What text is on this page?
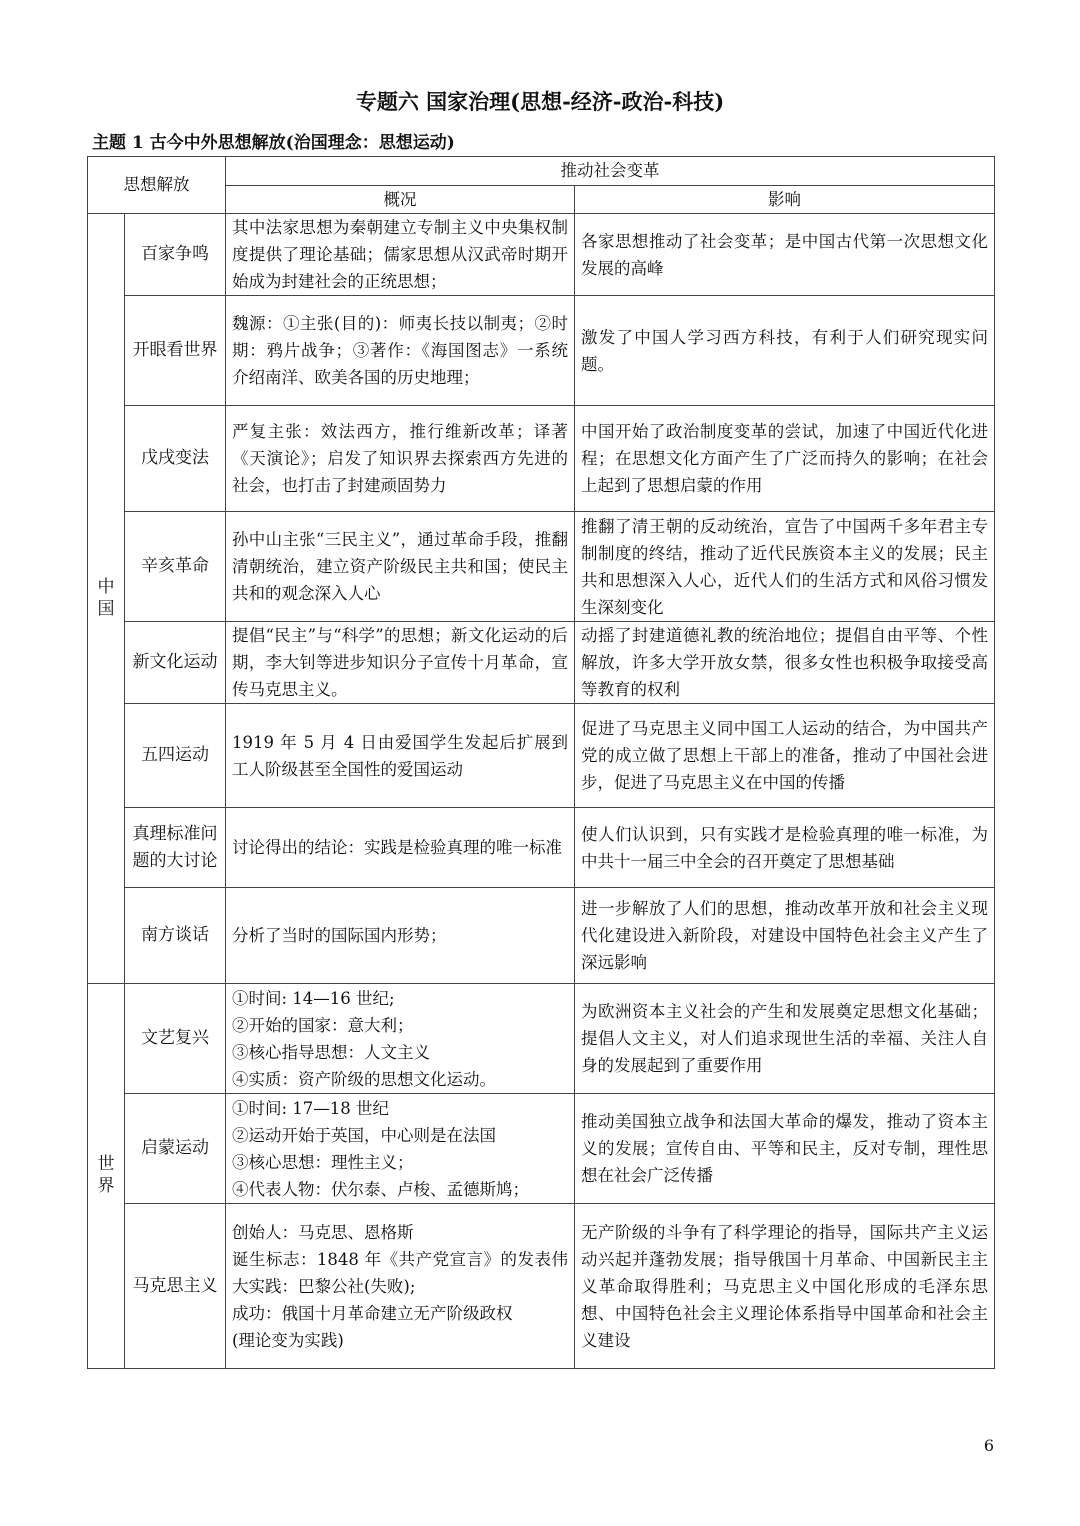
专题六 国家治理(思想-经济-政治-科技)
主题 1 古今中外思想解放(治国理念：思想运动)
思想解放		推动社会变革	
		概况	影响
中国	百家争鸣	其中法家思想为秦朝建立专制主义中央集权制度提供了理论基础；儒家思想从汉武帝时期开始成为封建社会的正统思想；	各家思想推动了社会变革；是中国古代第一次思想文化发展的高峰

	开眼看世界	魏源：①主张(目的)：师夷长技以制夷；②时期：鸦片战争；③著作：《海国图志》一系统介绍南洋、欧美各国的历史地理；	激发了中国人学习西方科技，有利于人们研究现实问题。

	戊戌变法	严复主张：效法西方，推行维新改革；译著《天演论》；启发了知识界去探索西方先进的社会，也打击了封建顽固势力	中国开始了政治制度变革的尝试，加速了中国近代化进程；在思想文化方面产生了广泛而持久的影响；在社会上起到了思想启蒙的作用

	辛亥革命	孙中山主张“三民主义”，通过革命手段，推翻清朝统治，建立资产阶级民主共和国；使民主共和的观念深入人心	推翻了清王朝的反动统治，宣告了中国两千多年君主专制制度的终结，推动了近代民族资本主义的发展；民主共和思想深入人心，近代人们的生活方式和风俗习惯发生深刻变化

	新文化运动	提倡“民主”与“科学”的思想；新文化运动的后期，李大钊等进步知识分子宣传十月革命，宣传马克思主义。	动摇了封建道德礼教的统治地位；提倡自由平等、个性解放，许多大学开放女禁，很多女性也积极争取接受高等教育的权利

	五四运动	1919 年 5 月 4 日由爱国学生发起后扩展到工人阶级甚至全国性的爱国运动	促进了马克思主义同中国工人运动的结合，为中国共产党的成立做了思想上干部上的准备，推动了中国社会进步，促进了马克思主义在中国的传播

	真理标准问题的大讨论	讨论得出的结论：实践是检验真理的唯一标准	使人们认识到，只有实践才是检验真理的唯一标准，为中共十一届三中全会的召开奠定了思想基础

	南方谈话	分析了当时的国际国内形势；	进一步解放了人们的思想，推动改革开放和社会主义现代化建设进入新阶段，对建设中国特色社会主义产生了深远影响

世界	文艺复兴	①时间: 14—16 世纪;
②开始的国家：意大利；
③核心指导思想：人文主义
④实质：资产阶级的思想文化运动。	为欧洲资本主义社会的产生和发展奠定思想文化基础；提倡人文主义，对人们追求现世生活的幸福、关注人自身的发展起到了重要作用

	启蒙运动	①时间: 17—18 世纪
②运动开始于英国，中心则是在法国
③核心思想：理性主义；
④代表人物：伏尔泰、卢梭、孟德斯鸠；	推动美国独立战争和法国大革命的爆发，推动了资本主义的发展；宣传自由、平等和民主，反对专制，理性思想在社会广泛传播

	马克思主义	创始人：马克思、恩格斯
诞生标志：1848 年《共产党宣言》的发表伟大实践：巴黎公社(失败);
成功：俄国十月革命建立无产阶级政权
(理论变为实践)	无产阶级的斗争有了科学理论的指导，国际共产主义运动兴起并蓬勃发展；指导俄国十月革命、中国新民主主义革命取得胜利；马克思主义中国化形成的毛泽东思想、中国特色社会主义理论体系指导中国革命和社会主义建设
6
